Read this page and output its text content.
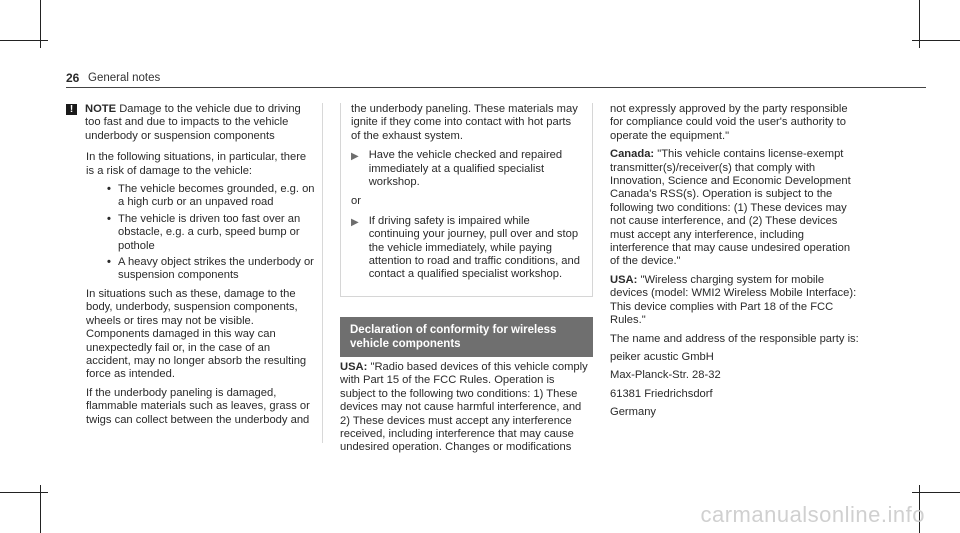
26 General notes
!	NOTE Damage to the vehicle due to driving too fast and due to impacts to the vehicle underbody or suspension components

In the following situations, in particular, there is a risk of damage to the vehicle:

• The vehicle becomes grounded, e.g. on a high curb or an unpaved road
• The vehicle is driven too fast over an obstacle, e.g. a curb, speed bump or pothole
• A heavy object strikes the underbody or suspension components

In situations such as these, damage to the body, underbody, suspension components, wheels or tires may not be visible. Components damaged in this way can unexpectedly fail or, in the case of an accident, may no longer absorb the resulting force as intended.

If the underbody paneling is damaged, flammable materials such as leaves, grass or twigs can collect between the underbody and

the underbody paneling. These materials may ignite if they come into contact with hot parts of the exhaust system.

▶ Have the vehicle checked and repaired immediately at a qualified specialist workshop.

or

▶ If driving safety is impaired while continuing your journey, pull over and stop the vehicle immediately, while paying attention to road and traffic conditions, and contact a qualified specialist workshop.
Declaration of conformity for wireless vehicle components

USA: "Radio based devices of this vehicle comply with Part 15 of the FCC Rules. Operation is subject to the following two conditions: 1) These devices may not cause harmful interference, and 2) These devices must accept any interference received, including interference that may cause undesired operation. Changes or modifications

not expressly approved by the party responsible for compliance could void the user's authority to operate the equipment."

Canada: "This vehicle contains license-exempt transmitter(s)/receiver(s) that comply with Innovation, Science and Economic Development Canada's RSS(s). Operation is subject to the following two conditions: (1) These devices may not cause interference, and (2) These devices must accept any interference, including interference that may cause undesired operation of the device."

USA: "Wireless charging system for mobile devices (model: WMI2 Wireless Mobile Interface): This device complies with Part 18 of the FCC Rules."

The name and address of the responsible party is:

peiker acustic GmbH

Max-Planck-Str. 28-32

61381 Friedrichsdorf

Germany

carmanualsonline.info
